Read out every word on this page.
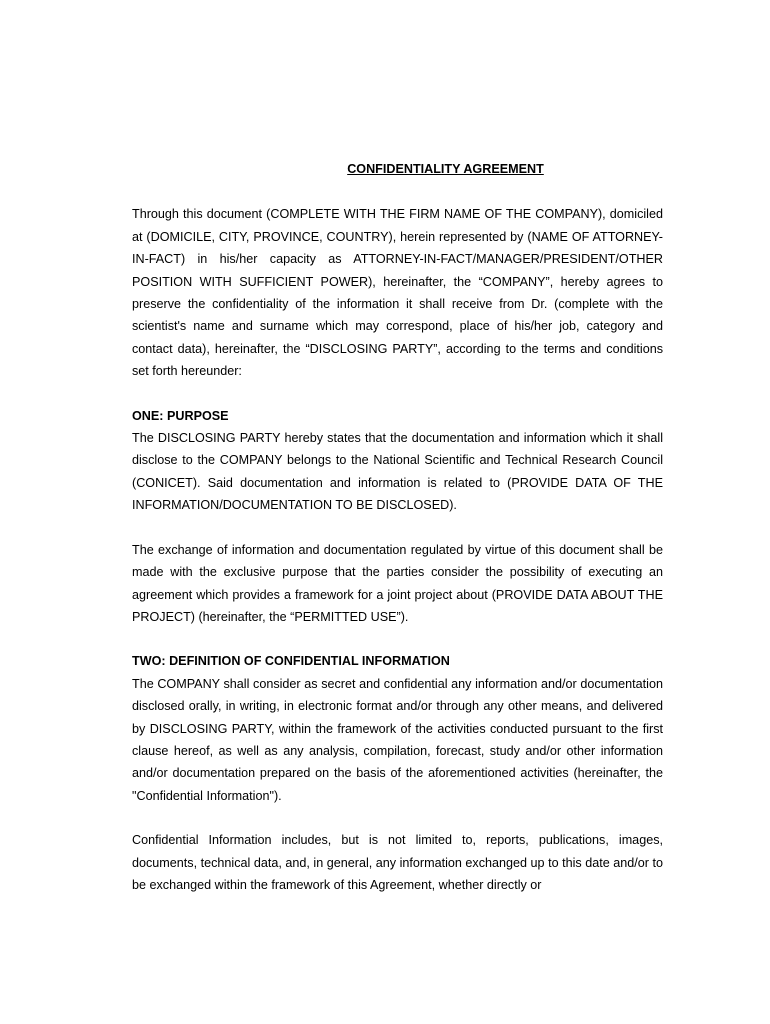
CONFIDENTIALITY AGREEMENT

Through this document (COMPLETE WITH THE FIRM NAME OF THE COMPANY), domiciled at (DOMICILE, CITY, PROVINCE, COUNTRY), herein represented by (NAME OF ATTORNEY-IN-FACT) in his/her capacity as ATTORNEY-IN-FACT/MANAGER/PRESIDENT/OTHER POSITION WITH SUFFICIENT POWER), hereinafter, the “COMPANY”, hereby agrees to preserve the confidentiality of the information it shall receive from Dr. (complete with the scientist's name and surname which may correspond, place of his/her job, category and contact data), hereinafter, the “DISCLOSING PARTY”, according to the terms and conditions set forth hereunder:

ONE: PURPOSE

The DISCLOSING PARTY hereby states that the documentation and information which it shall disclose to the COMPANY belongs to the National Scientific and Technical Research Council (CONICET). Said documentation and information is related to (PROVIDE DATA OF THE INFORMATION/DOCUMENTATION TO BE DISCLOSED).

The exchange of information and documentation regulated by virtue of this document shall be made with the exclusive purpose that the parties consider the possibility of executing an agreement which provides a framework for a joint project about (PROVIDE DATA ABOUT THE PROJECT) (hereinafter, the “PERMITTED USE”).

TWO: DEFINITION OF CONFIDENTIAL INFORMATION

The COMPANY shall consider as secret and confidential any information and/or documentation disclosed orally, in writing, in electronic format and/or through any other means, and delivered by DISCLOSING PARTY, within the framework of the activities conducted pursuant to the first clause hereof, as well as any analysis, compilation, forecast, study and/or other information and/or documentation prepared on the basis of the aforementioned activities (hereinafter, the "Confidential Information").

Confidential Information includes, but is not limited to, reports, publications, images, documents, technical data, and, in general, any information exchanged up to this date and/or to be exchanged within the framework of this Agreement, whether directly or
